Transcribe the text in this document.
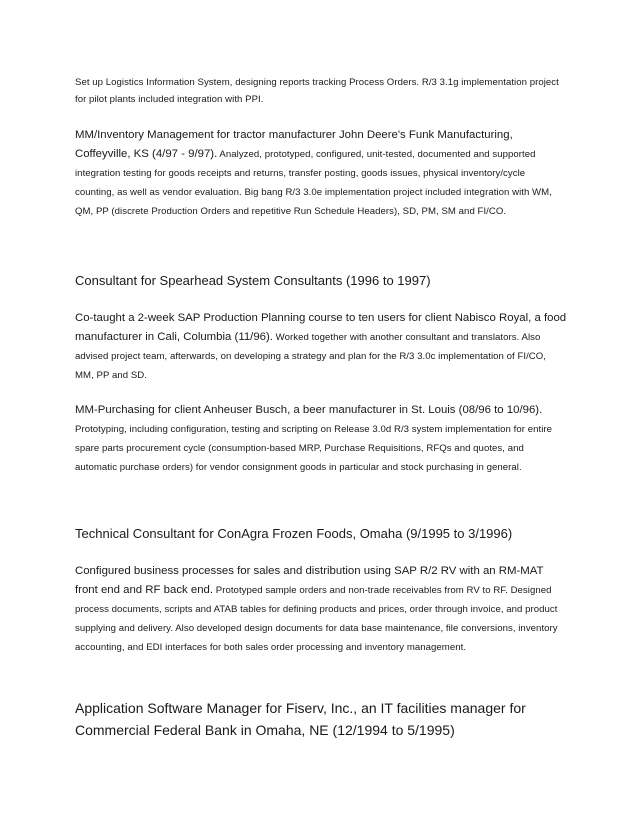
Set up Logistics Information System, designing reports tracking Process Orders. R/3 3.1g implementation project for pilot plants included integration with PPI.

MM/Inventory Management for tractor manufacturer John Deere's Funk Manufacturing, Coffeyville, KS (4/97 - 9/97). Analyzed, prototyped, configured, unit-tested, documented and supported integration testing for goods receipts and returns, transfer posting, goods issues, physical inventory/cycle counting, as well as vendor evaluation. Big bang R/3 3.0e implementation project included integration with WM, QM, PP (discrete Production Orders and repetitive Run Schedule Headers), SD, PM, SM and FI/CO.

Consultant for Spearhead System Consultants (1996 to 1997)

Co-taught a 2-week SAP Production Planning course to ten users for client Nabisco Royal, a food manufacturer in Cali, Columbia (11/96). Worked together with another consultant and translators. Also advised project team, afterwards, on developing a strategy and plan for the R/3 3.0c implementation of FI/CO, MM, PP and SD.

MM-Purchasing for client Anheuser Busch, a beer manufacturer in St. Louis (08/96 to 10/96). Prototyping, including configuration, testing and scripting on Release 3.0d R/3 system implementation for entire spare parts procurement cycle (consumption-based MRP, Purchase Requisitions, RFQs and quotes, and automatic purchase orders) for vendor consignment goods in particular and stock purchasing in general.

Technical Consultant for ConAgra Frozen Foods, Omaha (9/1995 to 3/1996)

Configured business processes for sales and distribution using SAP R/2 RV with an RM-MAT front end and RF back end. Prototyped sample orders and non-trade receivables from RV to RF. Designed process documents, scripts and ATAB tables for defining products and prices, order through invoice, and product supplying and delivery. Also developed design documents for data base maintenance, file conversions, inventory accounting, and EDI interfaces for both sales order processing and inventory management.

Application Software Manager for Fiserv, Inc., an IT facilities manager for Commercial Federal Bank in Omaha, NE (12/1994 to 5/1995)
